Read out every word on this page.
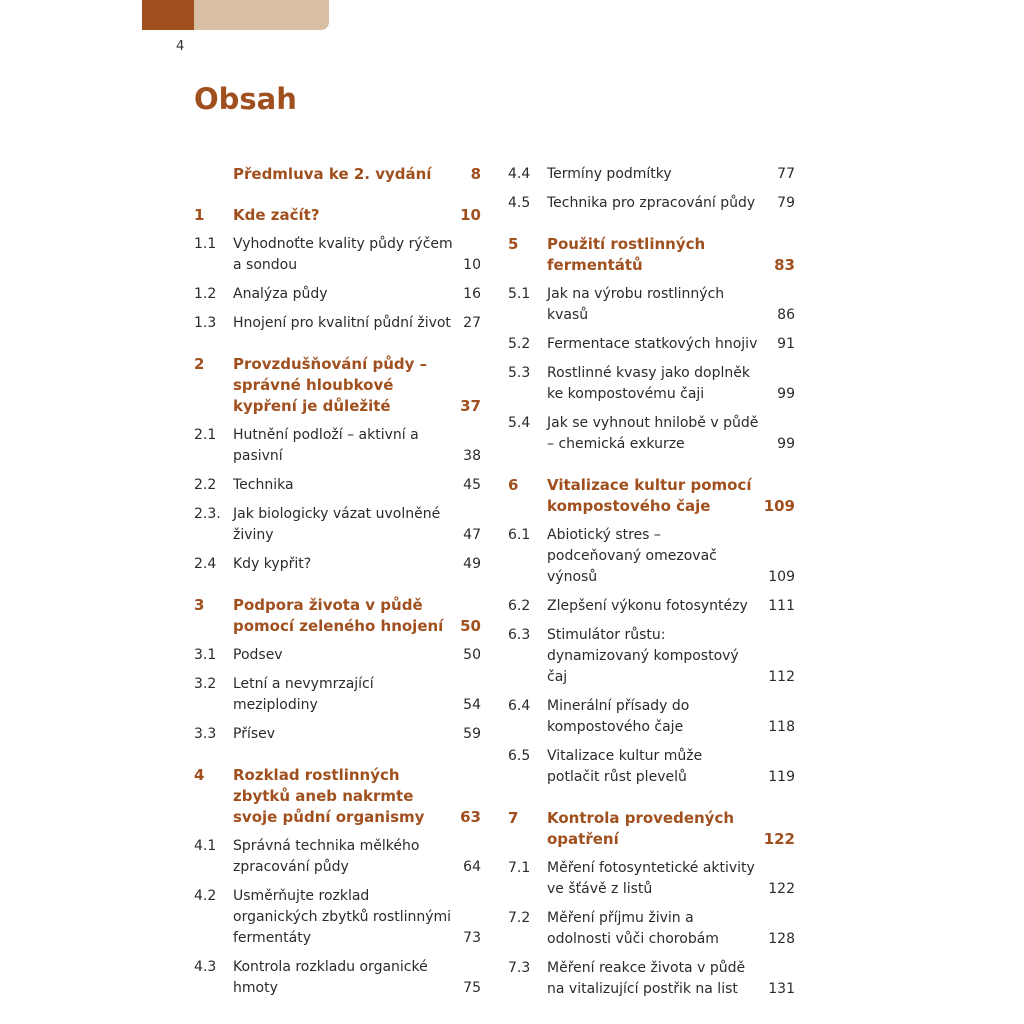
4
Obsah
Předmluva ke 2. vydání	8
1	Kde začít?	10
1.1	Vyhodnoťte kvality půdy rýčem a sondou	10
1.2	Analýza půdy	16
1.3	Hnojení pro kvalitní půdní život 27
2	Provzdušňování půdy – správné hloubkové kypření je důležité	37
2.1	Hutnění podloží – aktivní a pasivní	38
2.2	Technika	45
2.3. Jak biologicky vázat uvolněné živiny	47
2.4	Kdy kypřit?	49
3	Podpora života v půdě pomocí zeleného hnojení	50
3.1	Podsev	50
3.2	Letní a nevymrzající meziplodiny	54
3.3	Přísev	59
4	Rozklad rostlinných zbytků aneb nakrmte svoje půdní organismy	63
4.1	Správná technika mělkého zpracování půdy	64
4.2	Usměrňujte rozklad organických zbytků rostlinnými fermentáty	73
4.3	Kontrola rozkladu organické hmoty	75
4.4	Termíny podmítky	77
4.5	Technika pro zpracování půdy	79
5	Použití rostlinných fermentátů	83
5.1	Jak na výrobu rostlinných kvasů	86
5.2	Fermentace statkových hnojiv	91
5.3	Rostlinné kvasy jako doplněk ke kompostovému čaji	99
5.4	Jak se vyhnout hnilobě v půdě – chemická exkurze	99
6	Vitalizace kultur pomocí kompostového čaje	109
6.1	Abiotický stres – podceňovaný omezovač výnosů	109
6.2	Zlepšení výkonu fotosyntézy	111
6.3	Stimulátor růstu: dynamizovaný kompostový čaj	112
6.4	Minerální přísady do kompostového čaje	118
6.5	Vitalizace kultur může potlačit růst plevelů	119
7	Kontrola provedených opatření	122
7.1	Měření fotosyntetické aktivity ve šťávě z listů	122
7.2	Měření příjmu živin a odolnosti vůči chorobám	128
7.3	Měření reakce života v půdě na vitalizující postřik na list	131
